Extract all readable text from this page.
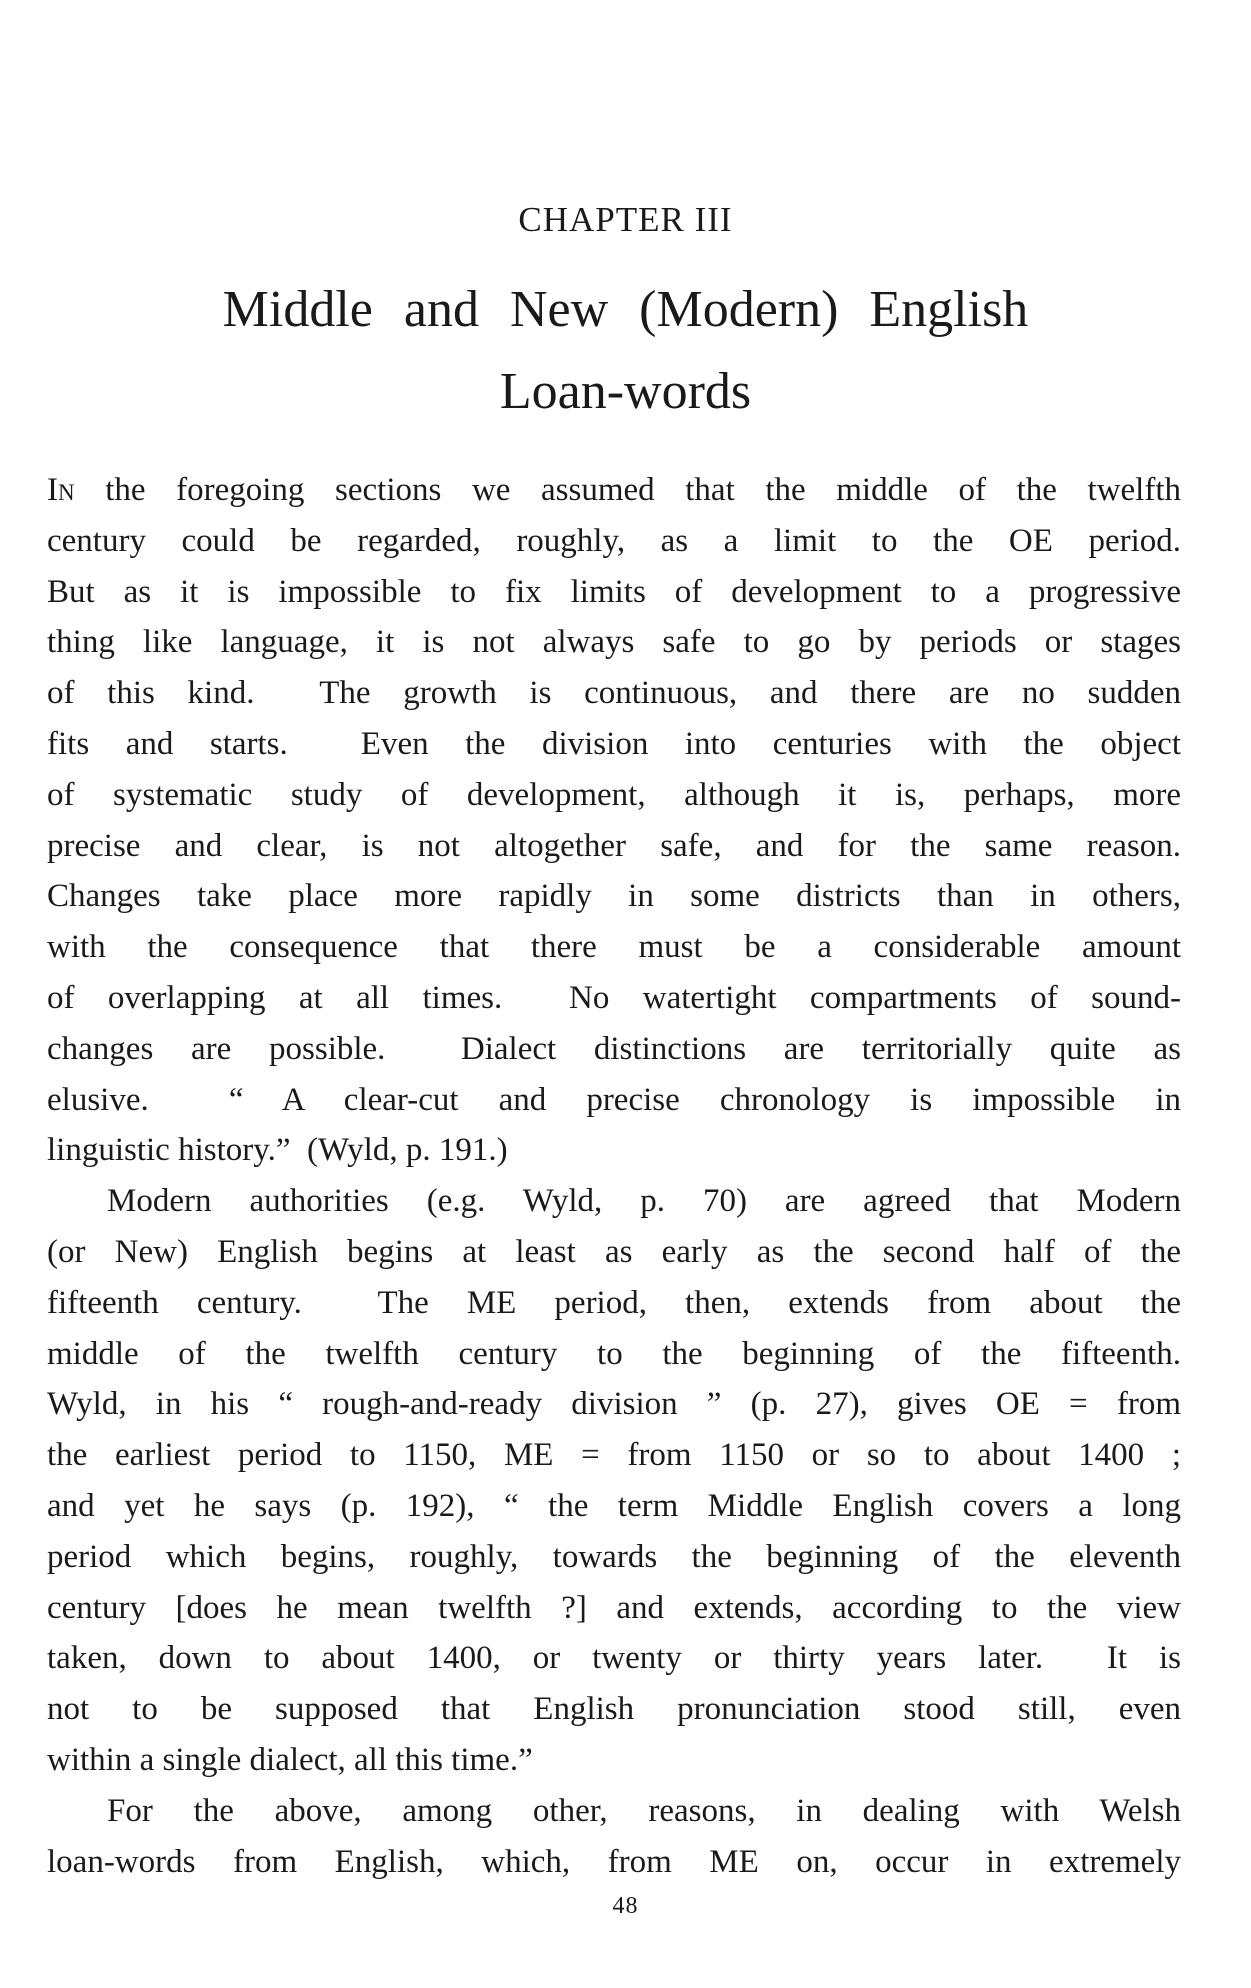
CHAPTER III
Middle and New (Modern) English
Loan-words
In the foregoing sections we assumed that the middle of the twelfth
century could be regarded, roughly, as a limit to the OE period.
But as it is impossible to fix limits of development to a progressive
thing like language, it is not always safe to go by periods or stages
of this kind.  The growth is continuous, and there are no sudden
fits and starts.  Even the division into centuries with the object
of systematic study of development, although it is, perhaps, more
precise and clear, is not altogether safe, and for the same reason.
Changes take place more rapidly in some districts than in others,
with the consequence that there must be a considerable amount
of overlapping at all times.  No watertight compartments of sound-
changes are possible.  Dialect distinctions are territorially quite as
elusive.  “ A clear-cut and precise chronology is impossible in
linguistic history.”  (Wyld, p. 191.)
Modern authorities (e.g. Wyld, p. 70) are agreed that Modern
(or New) English begins at least as early as the second half of the
fifteenth century.  The ME period, then, extends from about the
middle of the twelfth century to the beginning of the fifteenth.
Wyld, in his “ rough-and-ready division ” (p. 27), gives OE = from
the earliest period to 1150, ME = from 1150 or so to about 1400 ;
and yet he says (p. 192), “ the term Middle English covers a long
period which begins, roughly, towards the beginning of the eleventh
century [does he mean twelfth ?] and extends, according to the view
taken, down to about 1400, or twenty or thirty years later.  It is
not to be supposed that English pronunciation stood still, even
within a single dialect, all this time.”
For the above, among other, reasons, in dealing with Welsh
loan-words from English, which, from ME on, occur in extremely
48
